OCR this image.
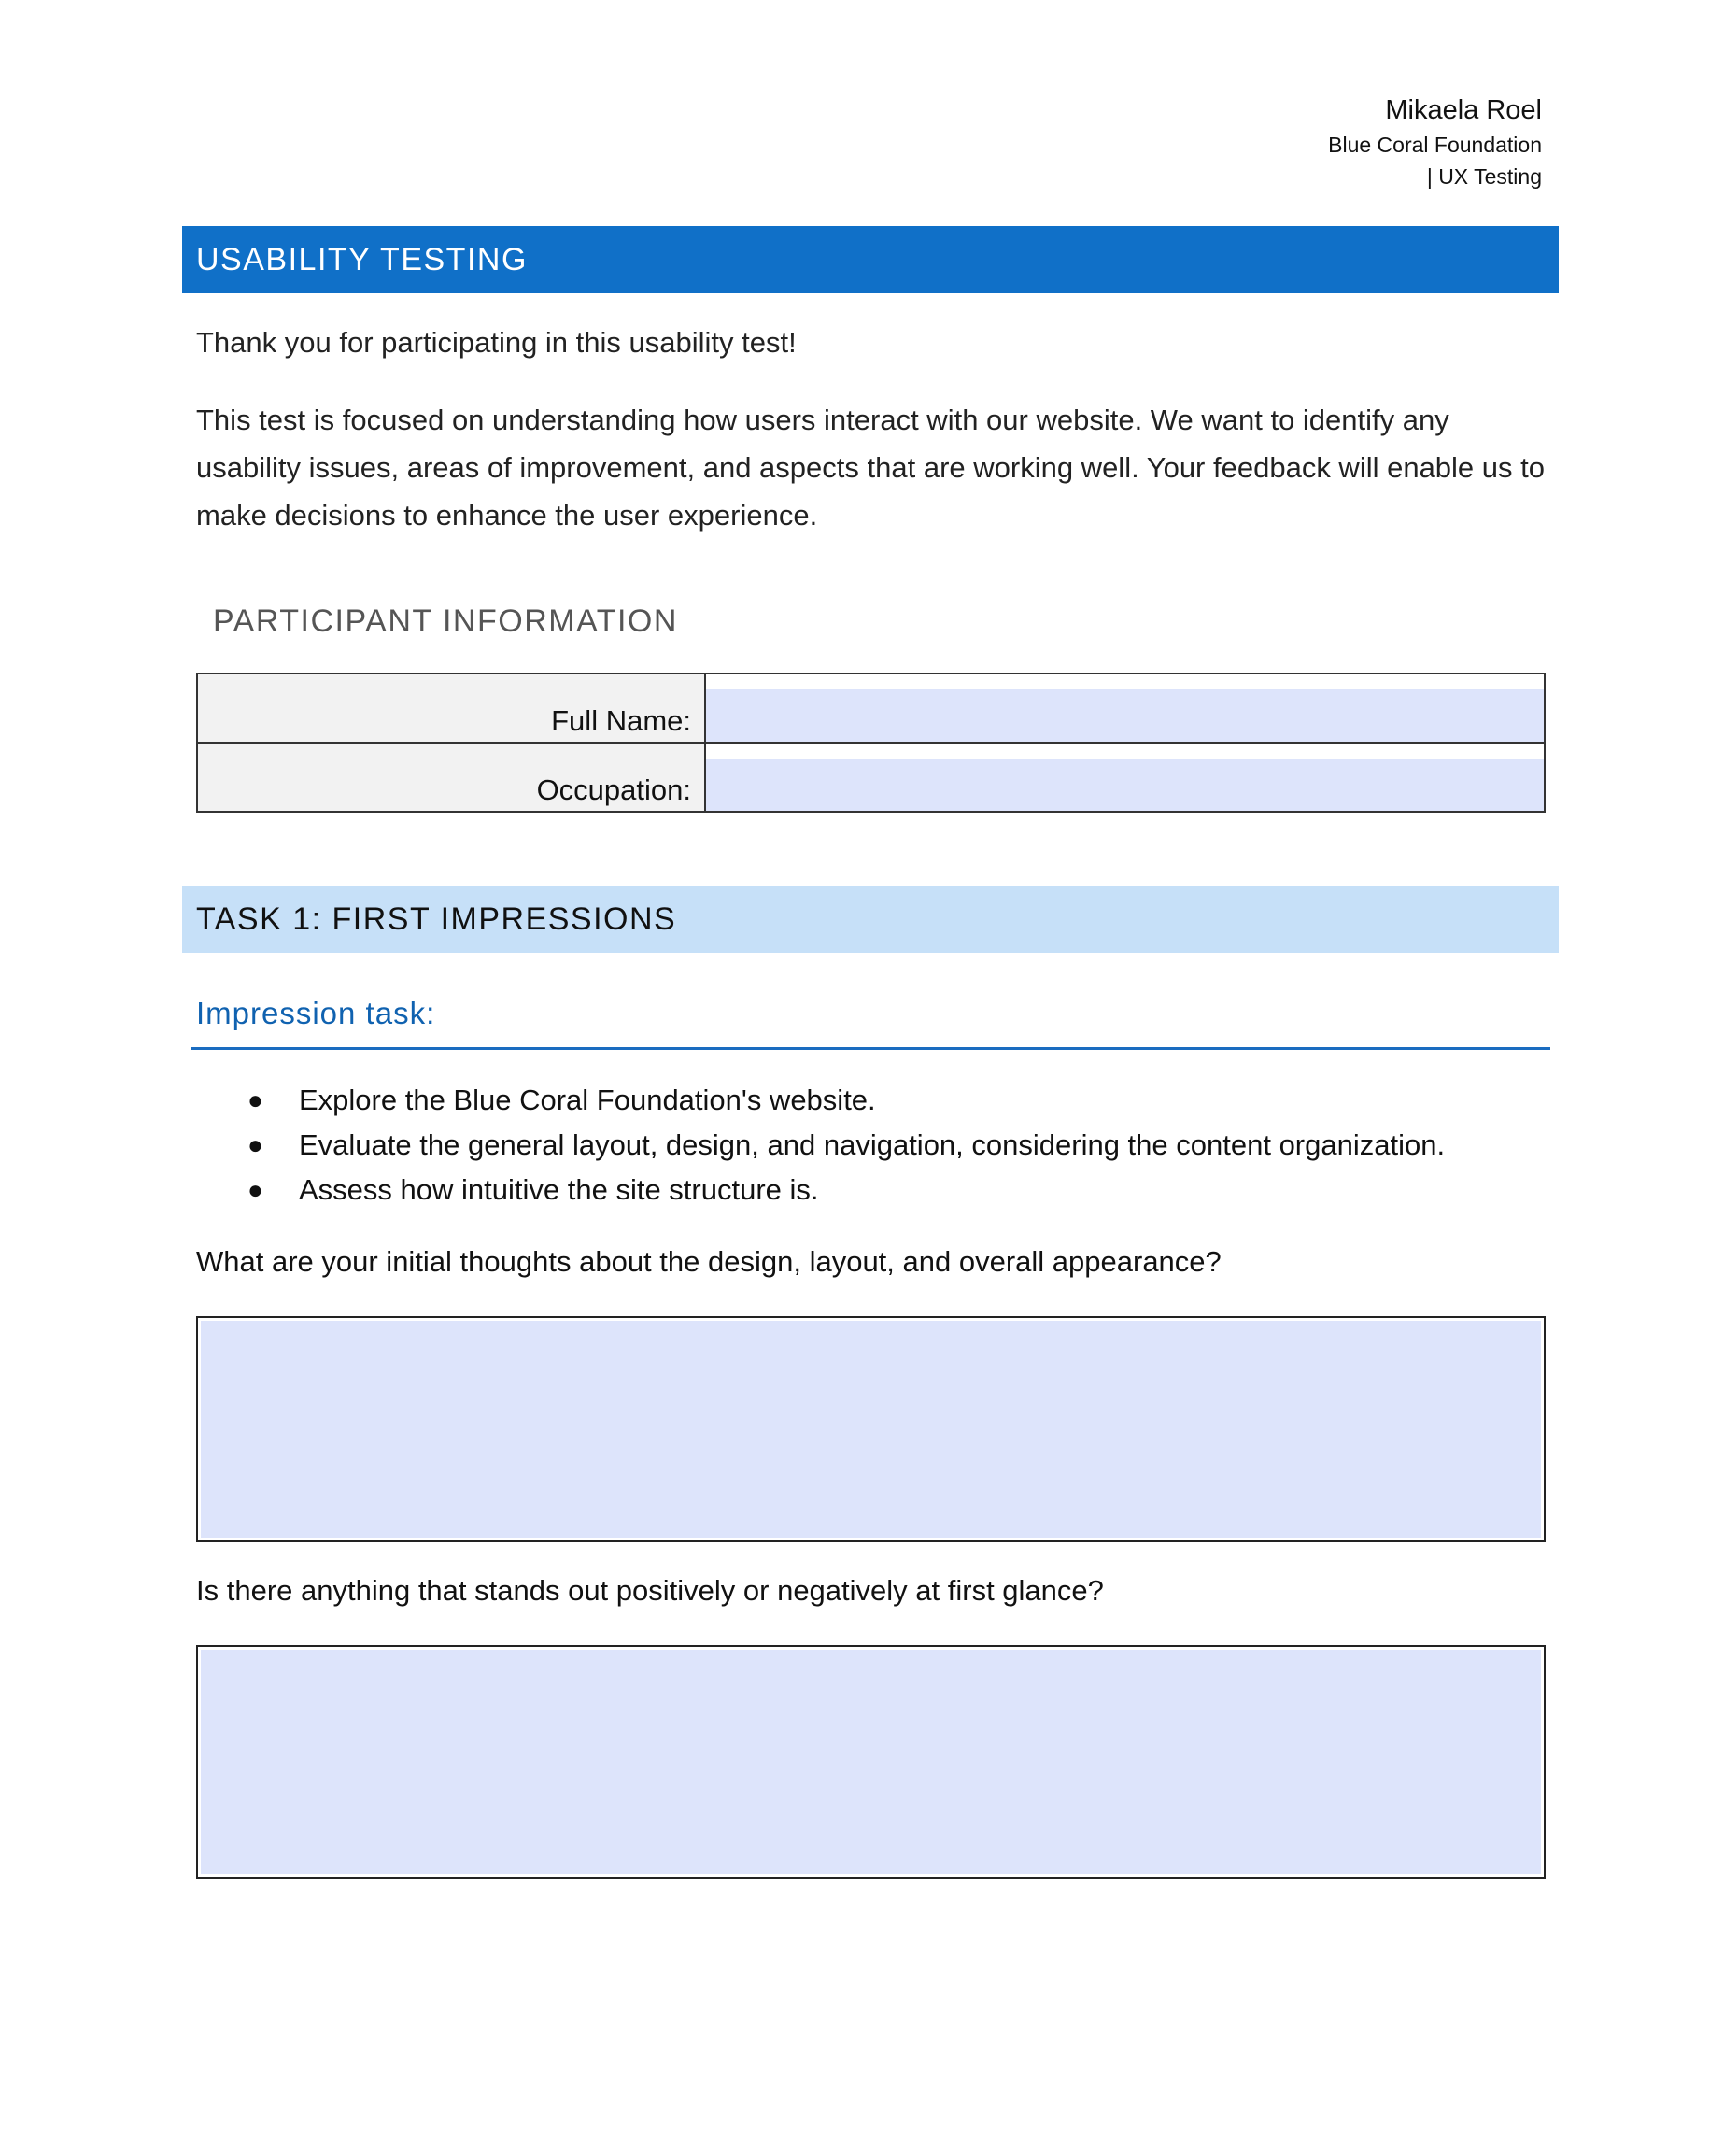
Mikaela Roel
Blue Coral Foundation
| UX Testing
USABILITY TESTING
Thank you for participating in this usability test!
This test is focused on understanding how users interact with our website. We want to identify any usability issues, areas of improvement, and aspects that are working well. Your feedback will enable us to make decisions to enhance the user experience.
PARTICIPANT INFORMATION
Full Name:	

Occupation:	
TASK 1: FIRST IMPRESSIONS
Impression task:
● Explore the Blue Coral Foundation's website.
● Evaluate the general layout, design, and navigation, considering the content organization.
● Assess how intuitive the site structure is.
What are your initial thoughts about the design, layout, and overall appearance?
Is there anything that stands out positively or negatively at first glance?
